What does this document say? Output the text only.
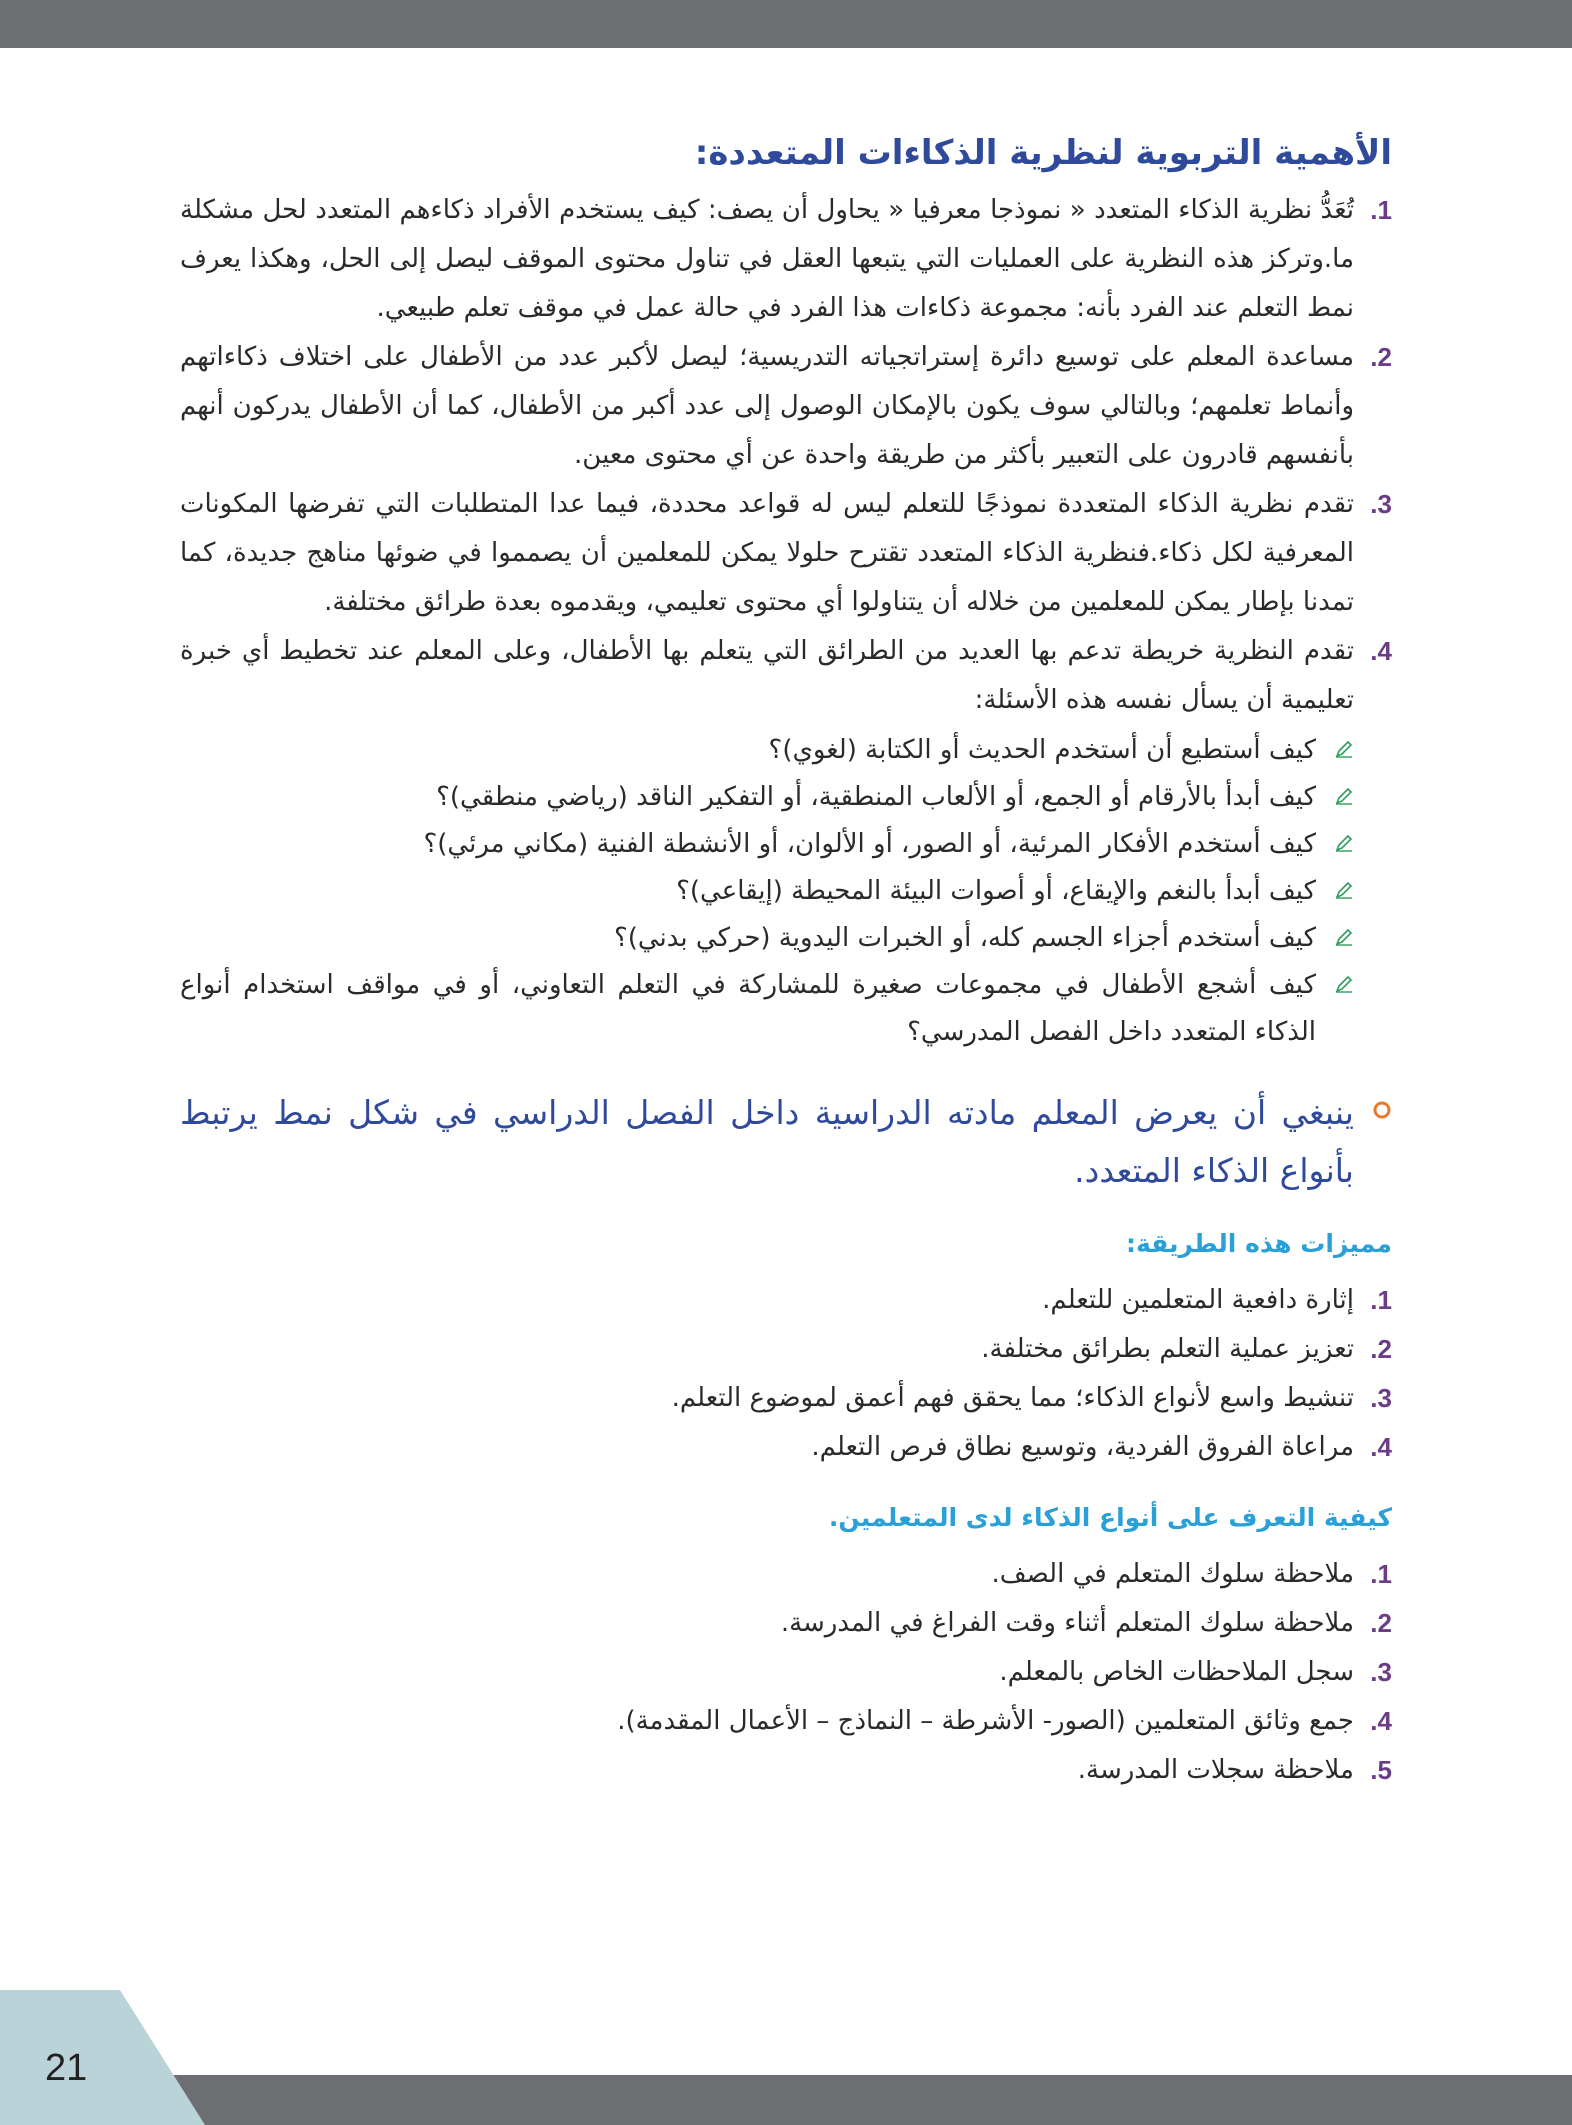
الأهمية التربوية لنظرية الذكاءات المتعددة:
1.
تُعَدُّ نظرية الذكاء المتعدد « نموذجا معرفيا « يحاول أن يصف: كيف يستخدم الأفراد ذكاءهم المتعدد لحل مشكلة ما.وتركز هذه النظرية على العمليات التي يتبعها العقل في تناول محتوى الموقف ليصل إلى الحل، وهكذا يعرف نمط التعلم عند الفرد بأنه: مجموعة ذكاءات هذا الفرد في حالة عمل في موقف تعلم طبيعي.
2.
مساعدة المعلم على توسيع دائرة إستراتجياته التدريسية؛ ليصل لأكبر عدد من الأطفال على اختلاف ذكاءاتهم وأنماط تعلمهم؛ وبالتالي سوف يكون بالإمكان الوصول إلى عدد أكبر من الأطفال، كما أن الأطفال يدركون أنهم بأنفسهم قادرون على التعبير بأكثر من طريقة واحدة عن أي محتوى معين.
3.
تقدم نظرية الذكاء المتعددة نموذجًا للتعلم ليس له قواعد محددة، فيما عدا المتطلبات التي تفرضها المكونات المعرفية لكل ذكاء.فنظرية الذكاء المتعدد تقترح حلولا يمكن للمعلمين أن يصمموا في ضوئها مناهج جديدة، كما تمدنا بإطار يمكن للمعلمين من خلاله أن يتناولوا أي محتوى تعليمي، ويقدموه بعدة طرائق مختلفة.
4.
تقدم النظرية خريطة تدعم بها العديد من الطرائق التي يتعلم بها الأطفال، وعلى المعلم عند تخطيط أي خبرة تعليمية أن يسأل نفسه هذه الأسئلة:
كيف أستطيع أن أستخدم الحديث أو الكتابة (لغوي)؟
كيف أبدأ بالأرقام أو الجمع، أو الألعاب المنطقية، أو التفكير الناقد (رياضي منطقي)؟
كيف أستخدم الأفكار المرئية، أو الصور، أو الألوان، أو الأنشطة الفنية (مكاني مرئي)؟
كيف أبدأ بالنغم والإيقاع، أو أصوات البيئة المحيطة (إيقاعي)؟
كيف أستخدم أجزاء الجسم كله، أو الخبرات اليدوية (حركي بدني)؟
كيف أشجع الأطفال في مجموعات صغيرة للمشاركة في التعلم التعاوني، أو في مواقف استخدام أنواع الذكاء المتعدد داخل الفصل المدرسي؟
ينبغي أن يعرض المعلم مادته الدراسية داخل الفصل الدراسي في شكل نمط يرتبط بأنواع الذكاء المتعدد.
مميزات هذه الطريقة:
1.
إثارة دافعية المتعلمين للتعلم.
2.
تعزيز عملية التعلم بطرائق مختلفة.
3.
تنشيط واسع لأنواع الذكاء؛ مما يحقق فهم أعمق لموضوع التعلم.
4.
مراعاة الفروق الفردية، وتوسيع نطاق فرص التعلم.
كيفية التعرف على أنواع الذكاء لدى المتعلمين.
1.
ملاحظة سلوك المتعلم في الصف.
2.
ملاحظة سلوك المتعلم أثناء وقت الفراغ في المدرسة.
3.
سجل الملاحظات الخاص بالمعلم.
4.
جمع وثائق المتعلمين (الصور- الأشرطة – النماذج – الأعمال المقدمة).
5.
ملاحظة سجلات المدرسة.
21
